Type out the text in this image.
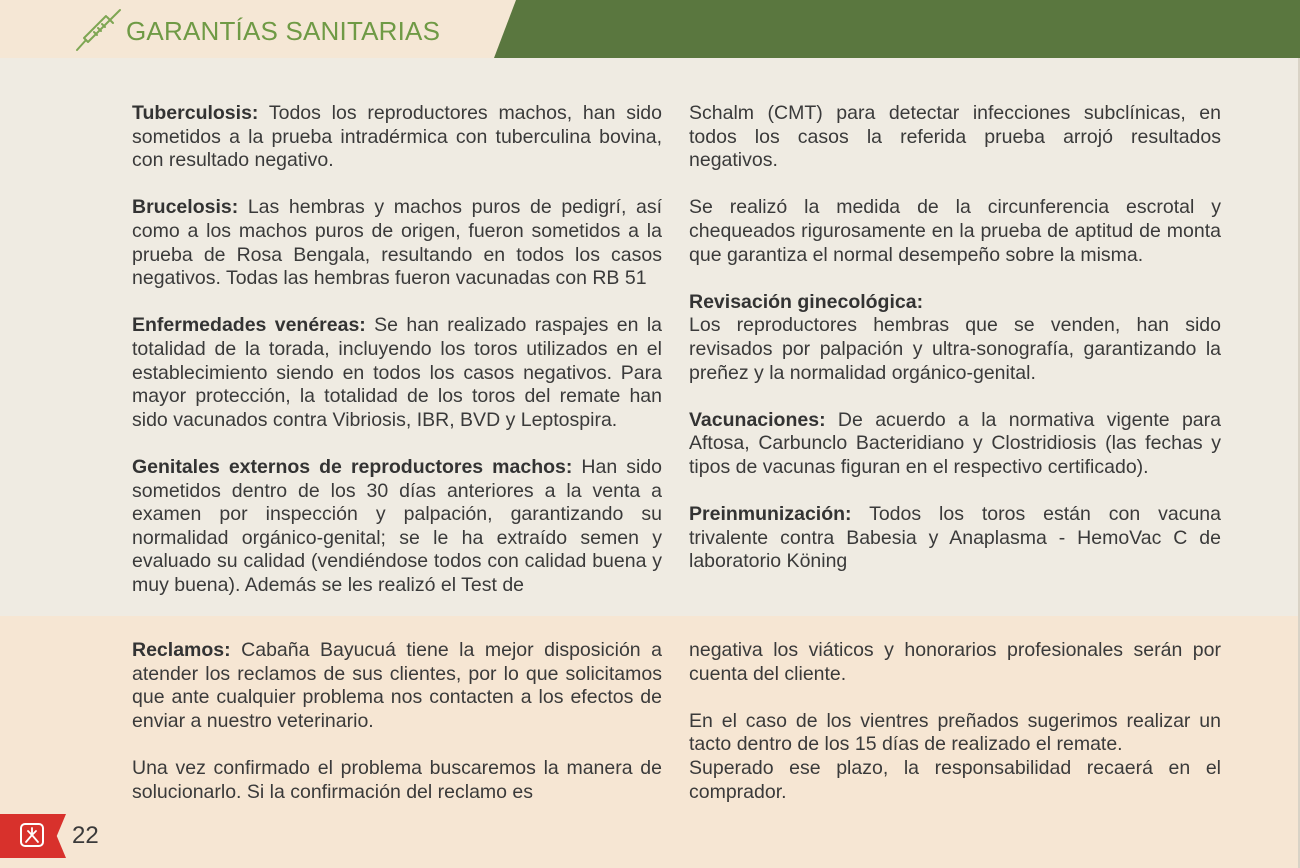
GARANTÍAS SANITARIAS

Tuberculosis: Todos los reproductores machos, han sido sometidos a la prueba intradérmica con tuberculina bovina, con resultado negativo.

Brucelosis: Las hembras y machos puros de pedigrí, así como a los machos puros de origen, fueron sometidos a la prueba de Rosa Bengala, resultando en todos los casos negativos. Todas las hembras fueron vacunadas con RB 51

Enfermedades venéreas: Se han realizado raspajes en la totalidad de la torada, incluyendo los toros utilizados en el establecimiento siendo en todos los casos negativos. Para mayor protección, la totalidad de los toros del remate han sido vacunados contra Vibriosis, IBR, BVD y Leptospira.

Genitales externos de reproductores machos: Han sido sometidos dentro de los 30 días anteriores a la venta a examen por inspección y palpación, garantizando su normalidad orgánico-genital; se le ha extraído semen y evaluado su calidad (vendiéndose todos con calidad buena y muy buena). Además se les realizó el Test de

Schalm (CMT) para detectar infecciones subclínicas, en todos los casos la referida prueba arrojó resultados negativos.

Se realizó la medida de la circunferencia escrotal y chequeados rigurosamente en la prueba de aptitud de monta que garantiza el normal desempeño sobre la misma.

Revisación ginecológica:
Los reproductores hembras que se venden, han sido revisados por palpación y ultra-sonografía, garantizando la preñez y la normalidad orgánico-genital.

Vacunaciones: De acuerdo a la normativa vigente para Aftosa, Carbunclo Bacteridiano y Clostridiosis (las fechas y tipos de vacunas figuran en el respectivo certificado).

Preinmunización: Todos los toros están con vacuna trivalente contra Babesia y Anaplasma - HemoVac C de laboratorio Köning

Reclamos: Cabaña Bayucuá tiene la mejor disposición a atender los reclamos de sus clientes, por lo que solicitamos que ante cualquier problema nos contacten a los efectos de enviar a nuestro veterinario.

Una vez confirmado el problema buscaremos la manera de solucionarlo. Si la confirmación del reclamo es

negativa los viáticos y honorarios profesionales serán por cuenta del cliente.

En el caso de los vientres preñados sugerimos realizar un tacto dentro de los 15 días de realizado el remate.

Superado ese plazo, la responsabilidad recaerá en el comprador.

22
